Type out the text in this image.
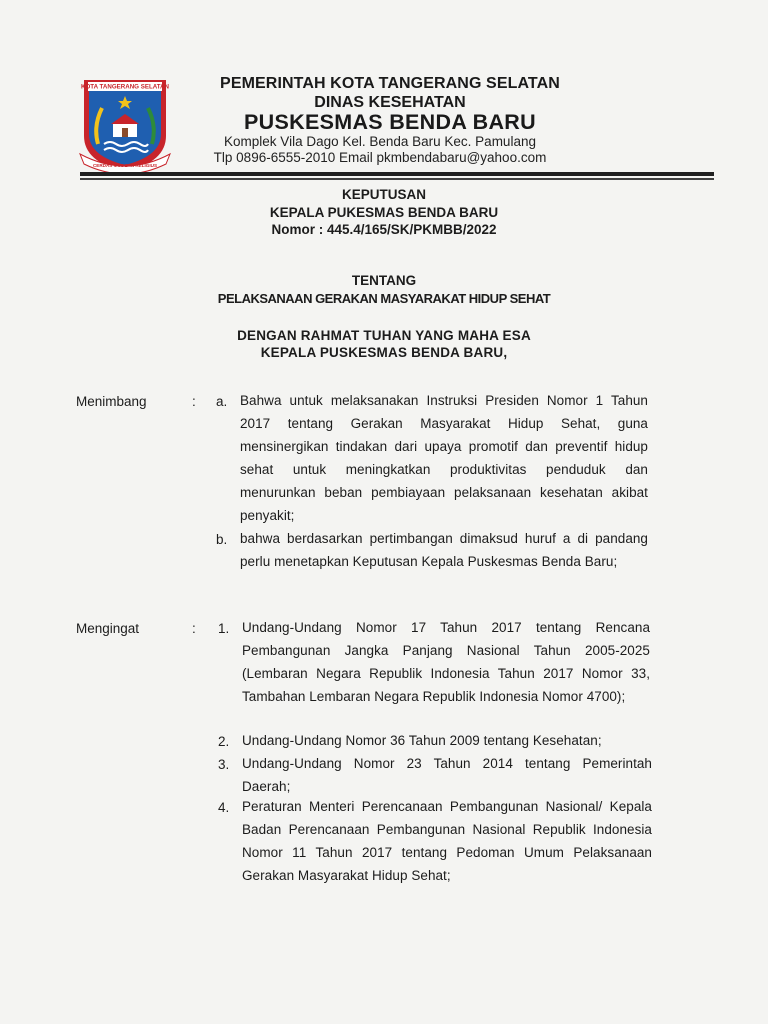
KOTA TANGERANG SELATAN
CERDAS MODERN RELIGIUS
PEMERINTAH KOTA TANGERANG SELATAN
DINAS KESEHATAN
PUSKESMAS BENDA BARU
Komplek Vila Dago Kel. Benda Baru Kec. Pamulang
Tlp 0896-6555-2010 Email pkmbendabaru@yahoo.com
KEPUTUSAN
KEPALA PUKESMAS BENDA BARU
Nomor : 445.4/165/SK/PKMBB/2022
TENTANG
PELAKSANAAN GERAKAN MASYARAKAT HIDUP SEHAT
DENGAN RAHMAT TUHAN YANG MAHA ESA
KEPALA PUSKESMAS BENDA BARU,
Menimbang	: a. Bahwa untuk melaksanakan Instruksi Presiden Nomor 1 Tahun 2017 tentang Gerakan Masyarakat Hidup Sehat, guna mensinergikan tindakan dari upaya promotif dan preventif hidup sehat untuk meningkatkan produktivitas penduduk dan menurunkan beban pembiayaan pelaksanaan kesehatan akibat penyakit;
b. bahwa berdasarkan pertimbangan dimaksud huruf a di pandang perlu menetapkan Keputusan Kepala Puskesmas Benda Baru;
Mengingat	: 1. Undang-Undang Nomor 17 Tahun 2017 tentang Rencana Pembangunan Jangka Panjang Nasional Tahun 2005-2025 (Lembaran Negara Republik Indonesia Tahun 2017 Nomor 33, Tambahan Lembaran Negara Republik Indonesia Nomor 4700);
2. Undang-Undang Nomor 36 Tahun 2009 tentang Kesehatan;
3. Undang-Undang Nomor 23 Tahun 2014 tentang Pemerintah Daerah;
4. Peraturan Menteri Perencanaan Pembangunan Nasional/ Kepala Badan Perencanaan Pembangunan Nasional Republik Indonesia Nomor 11 Tahun 2017 tentang Pedoman Umum Pelaksanaan Gerakan Masyarakat Hidup Sehat;
